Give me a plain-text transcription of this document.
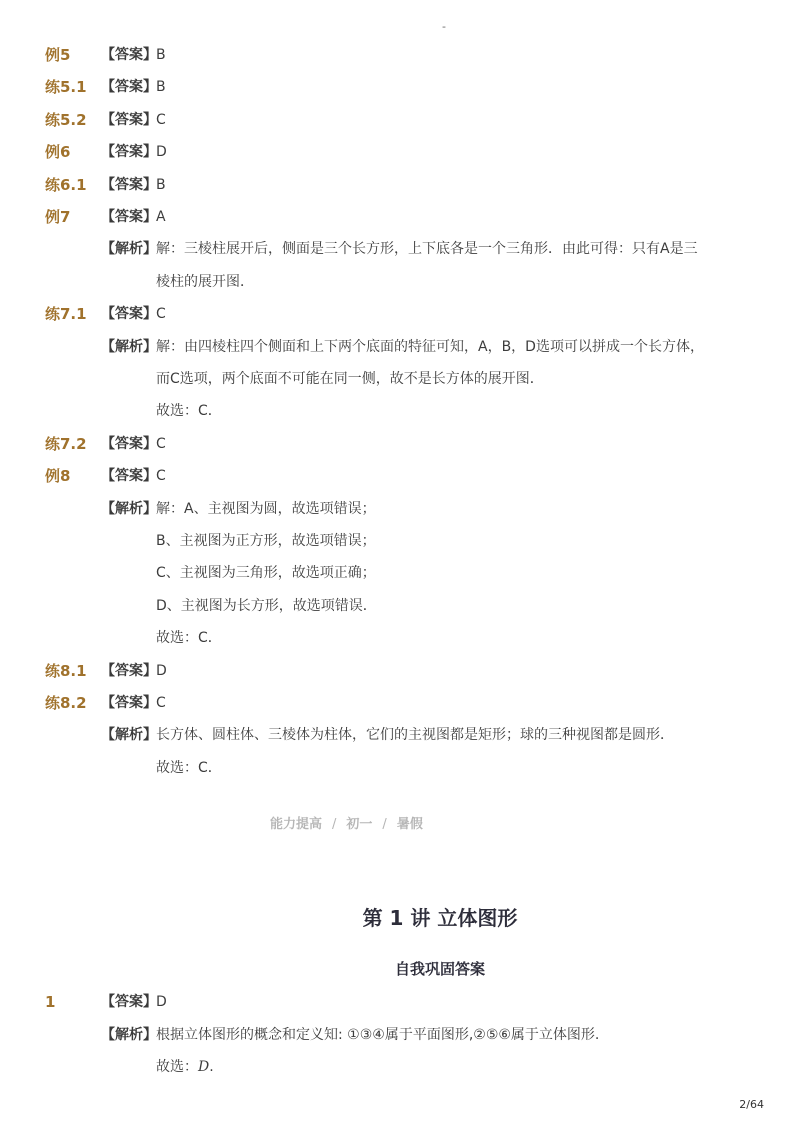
-
例5 【答案】 B
练5.1 【答案】 B
练5.2 【答案】 C
例6 【答案】 D
练6.1 【答案】 B
例7 【答案】 A
【解析】 解：三棱柱展开后，侧面是三个长方形，上下底各是一个三角形．由此可得：只有A是三
棱柱的展开图．
练7.1 【答案】 C
【解析】 解：由四棱柱四个侧面和上下两个底面的特征可知，A，B，D选项可以拼成一个长方体，
而C选项，两个底面不可能在同一侧，故不是长方体的展开图．
故选：C．
练7.2 【答案】 C
例8 【答案】 C
【解析】 解：A、主视图为圆，故选项错误；
B、主视图为正方形，故选项错误；
C、主视图为三角形，故选项正确；
D、主视图为长方形，故选项错误．
故选：C．
练8.1 【答案】 D
练8.2 【答案】 C
【解析】 长方体、圆柱体、三棱体为柱体，它们的主视图都是矩形；球的三种视图都是圆形．
故选：C．
能力提高 / 初一 / 暑假
第 1 讲 立体图形
自我巩固答案
1	【答案】 D
【解析】 根据立体图形的概念和定义知: ①③④属于平面图形,②⑤⑥属于立体图形.
故选：D.
2/64
